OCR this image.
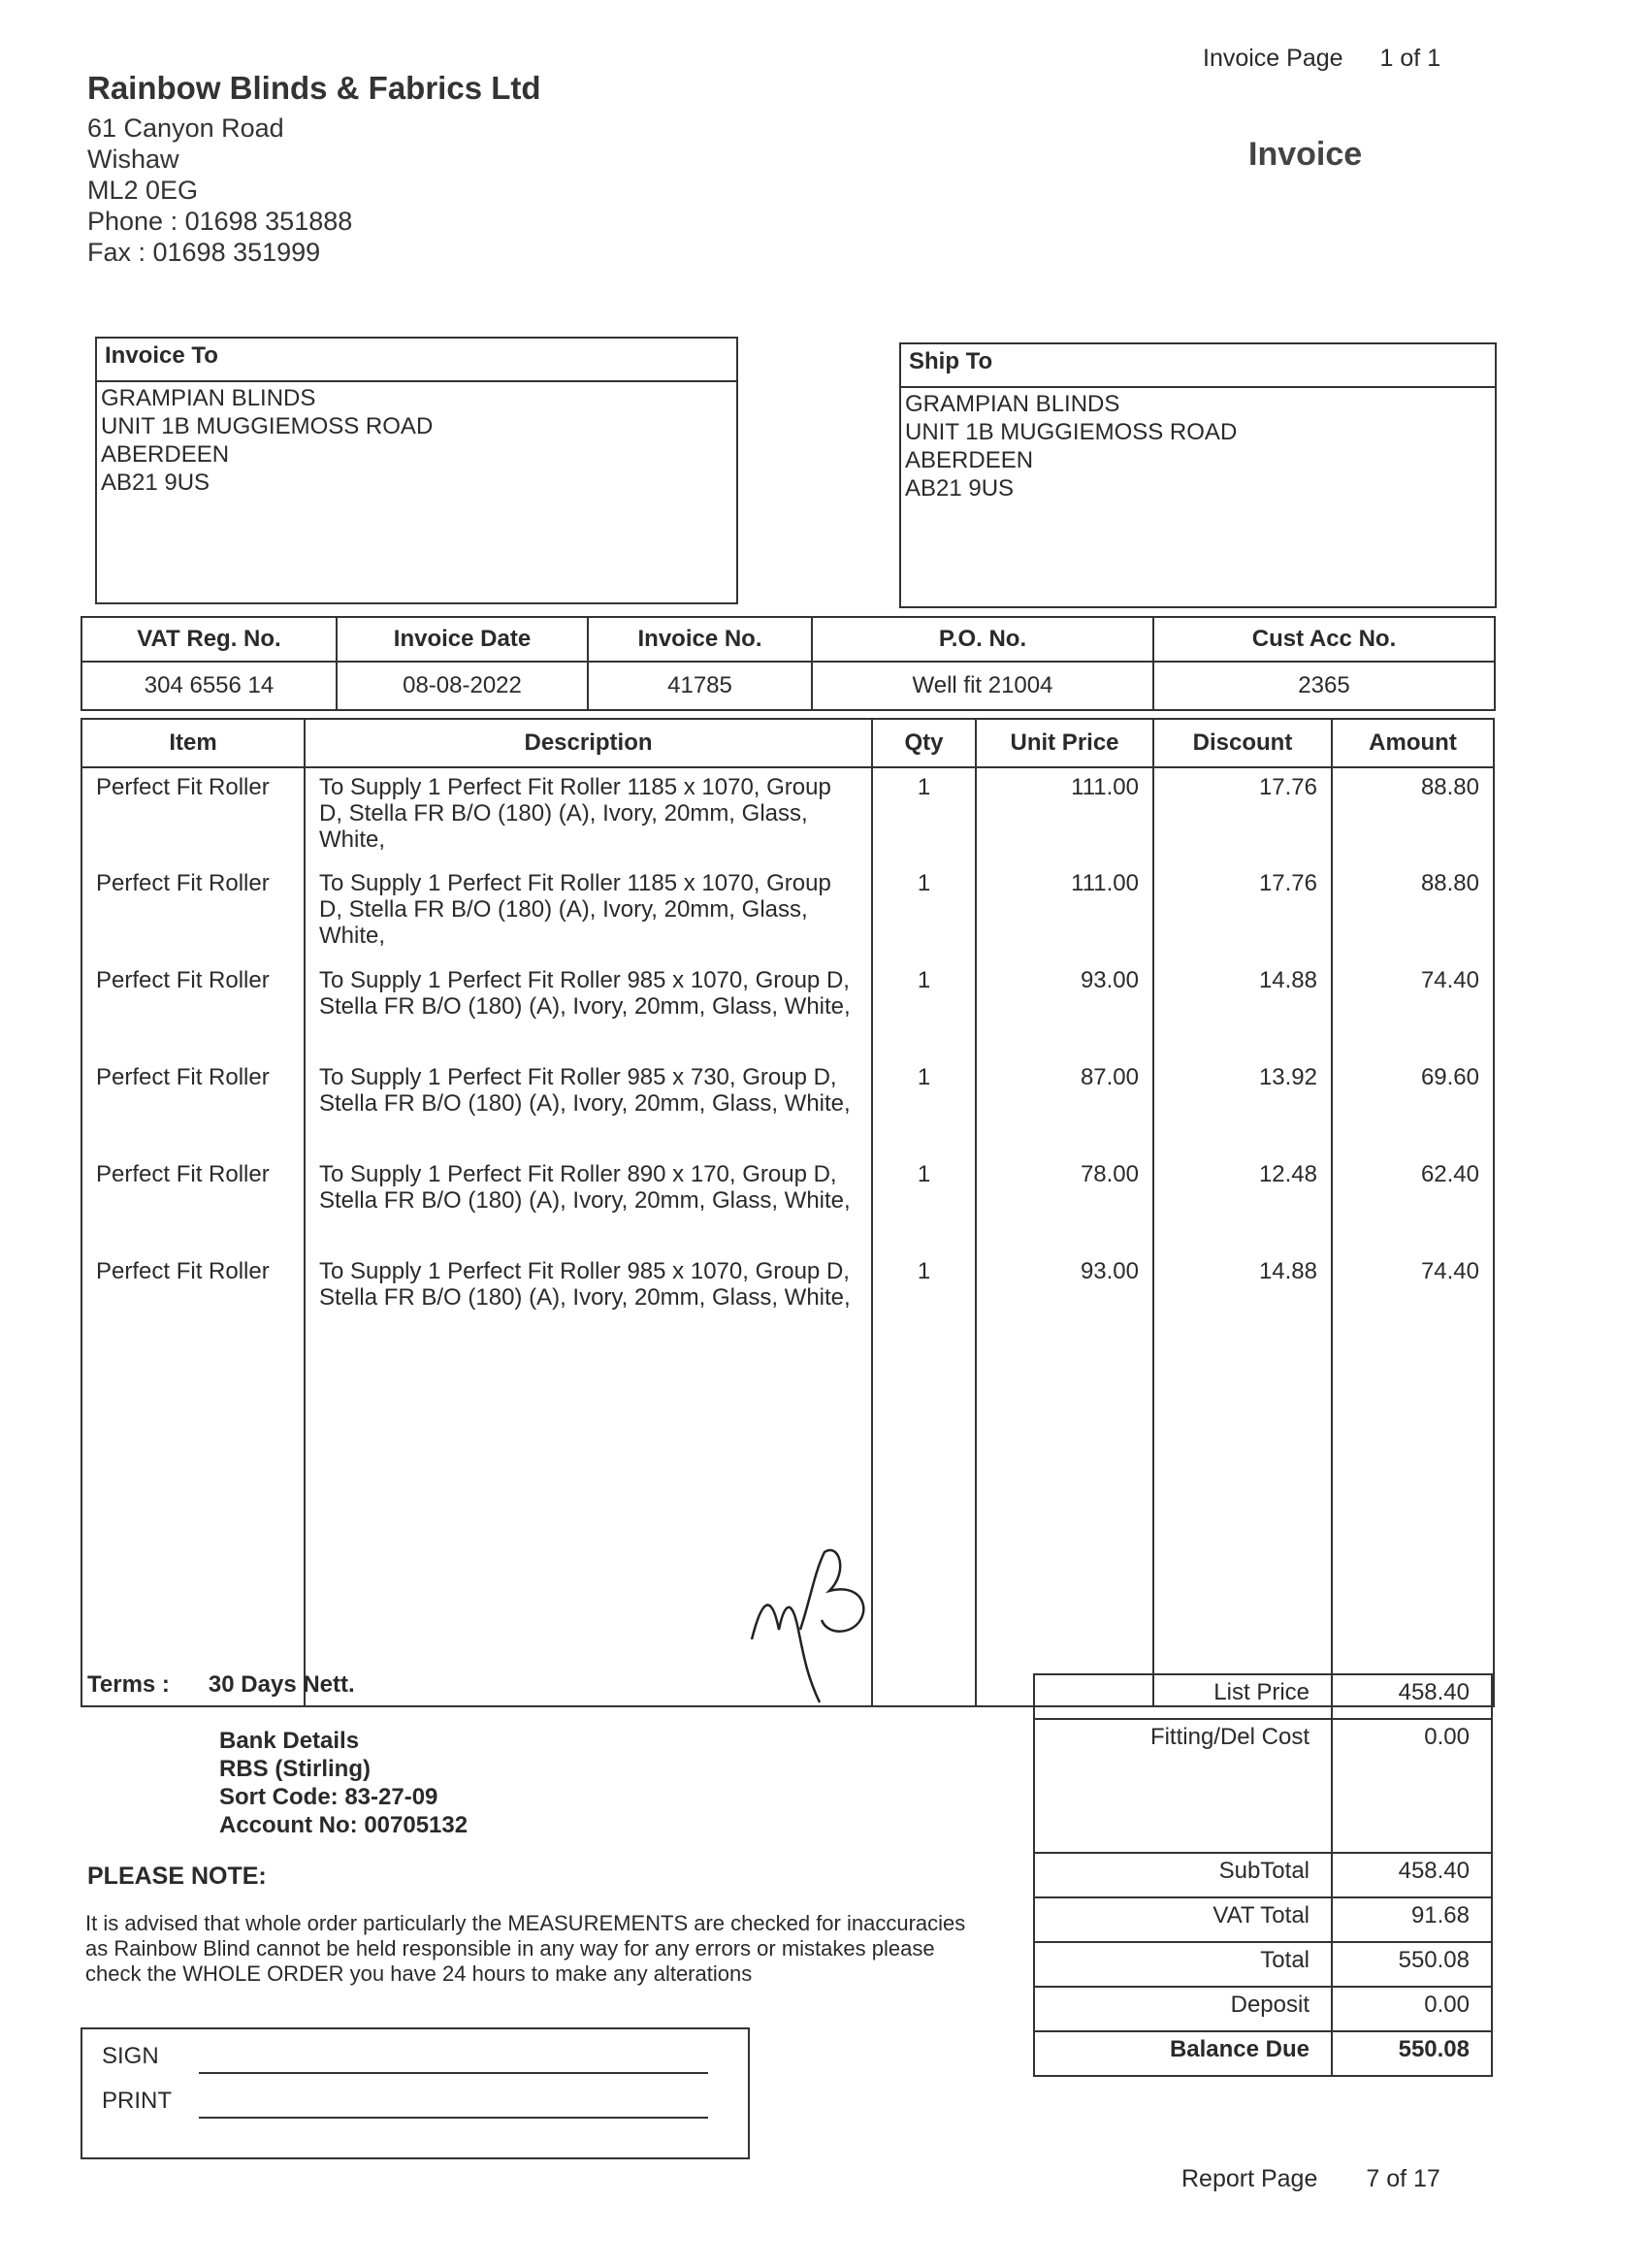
Rainbow Blinds & Fabrics Ltd
61 Canyon Road
Wishaw
ML2 0EG
Phone : 01698 351888
Fax : 01698 351999
Invoice Page 1 of 1
Invoice
Invoice To
GRAMPIAN BLINDS
UNIT 1B MUGGIEMOSS ROAD
ABERDEEN
AB21 9US
Ship To
GRAMPIAN BLINDS
UNIT 1B MUGGIEMOSS ROAD
ABERDEEN
AB21 9US
VAT Reg. No.	Invoice Date	Invoice No.	P.O. No.	Cust Acc No.
304 6556 14	08-08-2022	41785	Well fit 21004	2365
Item	Description	Qty	Unit Price	Discount	Amount
Perfect Fit Roller	To Supply 1 Perfect Fit Roller 1185 x 1070, Group D, Stella FR B/O (180) (A), Ivory, 20mm, Glass, White,	1	111.00	17.76	88.80
Perfect Fit Roller	To Supply 1 Perfect Fit Roller 1185 x 1070, Group D, Stella FR B/O (180) (A), Ivory, 20mm, Glass, White,	1	111.00	17.76	88.80
Perfect Fit Roller	To Supply 1 Perfect Fit Roller 985 x 1070, Group D, Stella FR B/O (180) (A), Ivory, 20mm, Glass, White,	1	93.00	14.88	74.40
Perfect Fit Roller	To Supply 1 Perfect Fit Roller 985 x 730, Group D, Stella FR B/O (180) (A), Ivory, 20mm, Glass, White,	1	87.00	13.92	69.60
Perfect Fit Roller	To Supply 1 Perfect Fit Roller 890 x 170, Group D, Stella FR B/O (180) (A), Ivory, 20mm, Glass, White,	1	78.00	12.48	62.40
Perfect Fit Roller	To Supply 1 Perfect Fit Roller 985 x 1070, Group D, Stella FR B/O (180) (A), Ivory, 20mm, Glass, White,	1	93.00	14.88	74.40

Terms : 30 Days Nett.
Bank Details
RBS (Stirling)
Sort Code: 83-27-09
Account No: 00705132
PLEASE NOTE:
It is advised that whole order particularly the MEASUREMENTS are checked for inaccuracies as Rainbow Blind cannot be held responsible in any way for any errors or mistakes please check the WHOLE ORDER you have 24 hours to make any alterations
List Price	458.40
Fitting/Del Cost	0.00
SubTotal	458.40
VAT Total	91.68
Total	550.08
Deposit	0.00
Balance Due	550.08
SIGN
PRINT
Report Page 7 of 17
